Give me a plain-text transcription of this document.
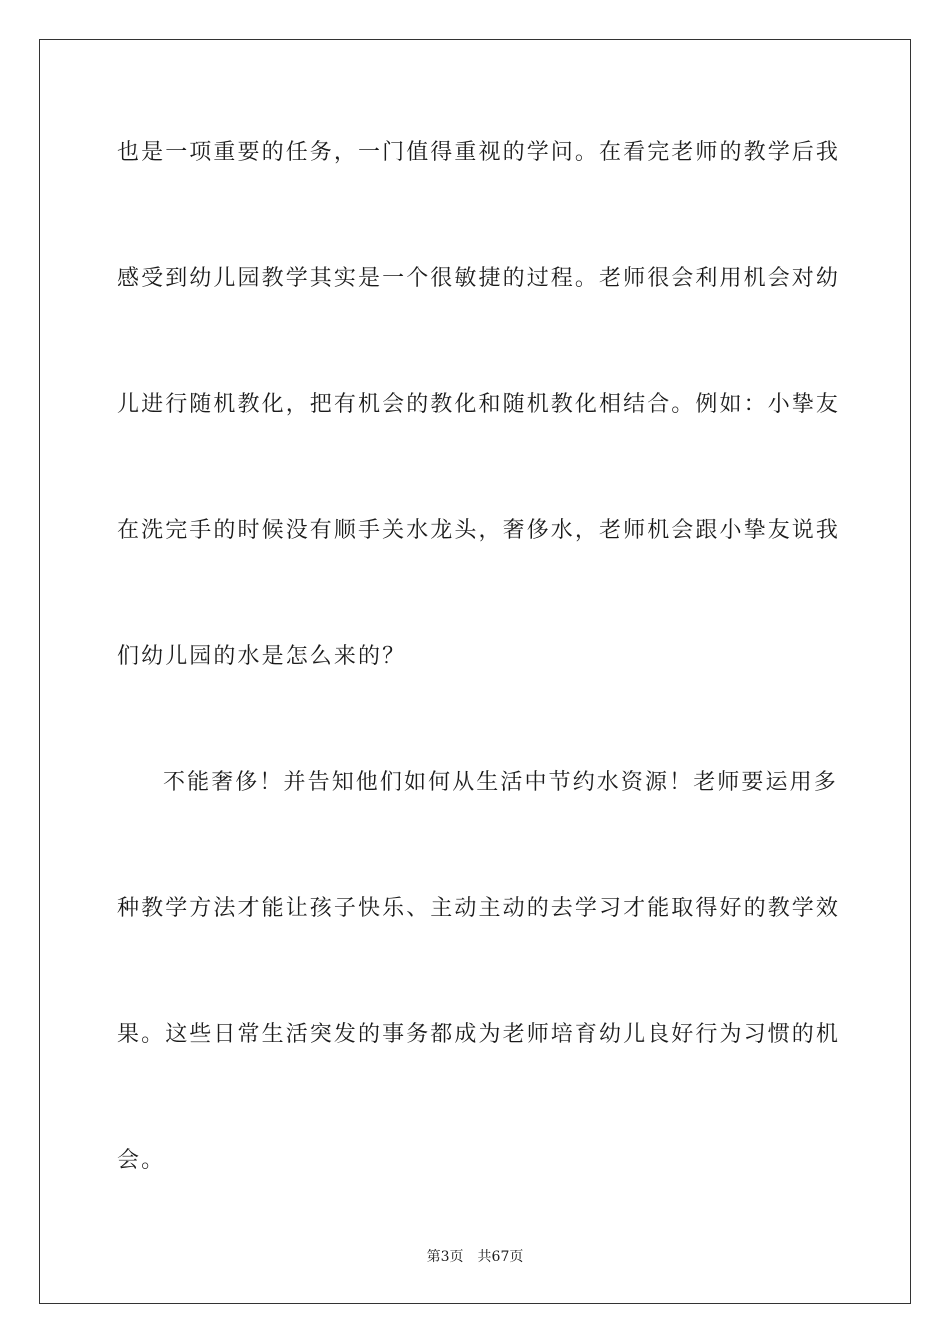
也是一项重要的任务，一门值得重视的学问。在看完老师的教学后我
感受到幼儿园教学其实是一个很敏捷的过程。老师很会利用机会对幼
儿进行随机教化，把有机会的教化和随机教化相结合。例如：小挚友
在洗完手的时候没有顺手关水龙头，奢侈水，老师机会跟小挚友说我
们幼儿园的水是怎么来的？
不能奢侈！并告知他们如何从生活中节约水资源！老师要运用多
种教学方法才能让孩子快乐、主动主动的去学习才能取得好的教学效
果。这些日常生活突发的事务都成为老师培育幼儿良好行为习惯的机
会。
第3页 共67页
